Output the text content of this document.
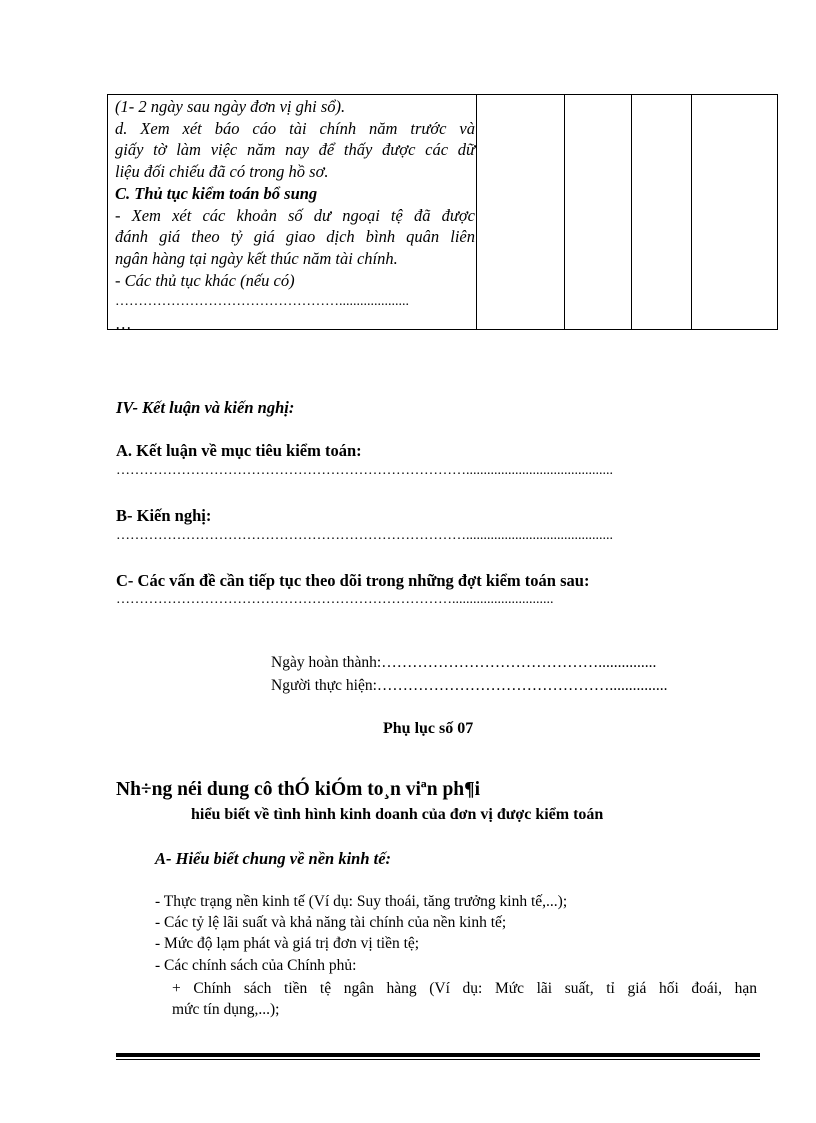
(1- 2 ngày sau ngày đơn vị ghi sổ).
d. Xem xét báo cáo tài chính năm trước và
giấy tờ làm việc năm nay để thấy được các dữ
liệu đối chiếu đã có trong hồ sơ.
C. Thủ tục kiểm toán bổ sung
- Xem xét các khoản số dư ngoại tệ đã được
đánh giá theo tỷ giá giao dịch bình quân liên
ngân hàng tại ngày kết thúc năm tài chính.
- Các thủ tục khác (nếu có)
…………………………………………....................
…
IV- Kết luận và kiến nghị:
A. Kết luận về mục tiêu kiểm toán:
…………………………………………………………………..........................................
B- Kiến nghị:
…………………………………………………………………..........................................
C- Các vấn đề cần tiếp tục theo dõi trong những đợt kiểm toán sau:
……………………………………………………………….............................
Ngày hoàn thành:……………………………………...............
Người thực hiện:………………………………………...............
Phụ lục số 07
Nh÷ng néi dung cô thÓ kiÓm to¸n viªn ph¶i
hiểu biết về tình hình kinh doanh của đơn vị được kiểm toán
A- Hiểu biết chung về nền kinh tế:
- Thực trạng nền kinh tế (Ví dụ: Suy thoái, tăng trưởng kinh tế,...);
- Các tỷ lệ lãi suất và khả năng tài chính của nền kinh tế;
- Mức độ lạm phát và giá trị đơn vị tiền tệ;
- Các chính sách của Chính phủ:
+ Chính sách tiền tệ ngân hàng (Ví dụ: Mức lãi suất, tỉ giá hối đoái, hạn
mức tín dụng,...);
